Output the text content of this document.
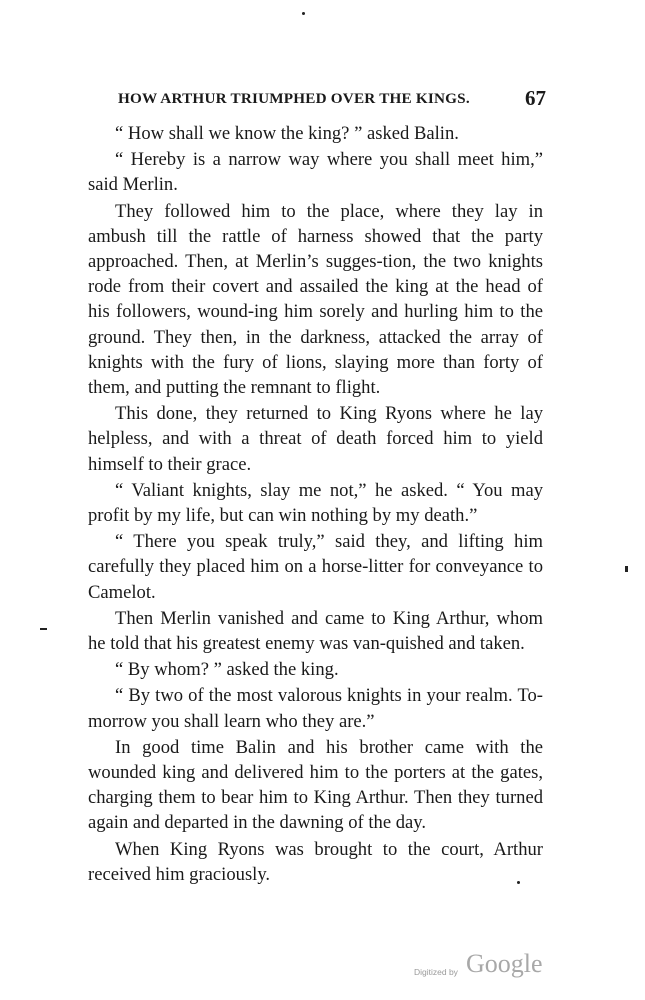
HOW ARTHUR TRIUMPHED OVER THE KINGS.	67

“ How shall we know the king? ” asked Balin.

“ Hereby is a narrow way where you shall meet him,” said Merlin.

They followed him to the place, where they lay in ambush till the rattle of harness showed that the party approached. Then, at Merlin’s sugges-tion, the two knights rode from their covert and assailed the king at the head of his followers, wound-ing him sorely and hurling him to the ground. They then, in the darkness, attacked the array of knights with the fury of lions, slaying more than forty of them, and putting the remnant to flight.

This done, they returned to King Ryons where he lay helpless, and with a threat of death forced him to yield himself to their grace.

“ Valiant knights, slay me not,” he asked. “ You may profit by my life, but can win nothing by my death.”

“ There you speak truly,” said they, and lifting him carefully they placed him on a horse-litter for conveyance to Camelot.

Then Merlin vanished and came to King Arthur, whom he told that his greatest enemy was van-quished and taken.

“ By whom? ” asked the king.

“ By two of the most valorous knights in your realm. To-morrow you shall learn who they are.”

In good time Balin and his brother came with the wounded king and delivered him to the porters at the gates, charging them to bear him to King Arthur. Then they turned again and departed in the dawning of the day.

When King Ryons was brought to the court, Arthur received him graciously.

Digitized by Google
